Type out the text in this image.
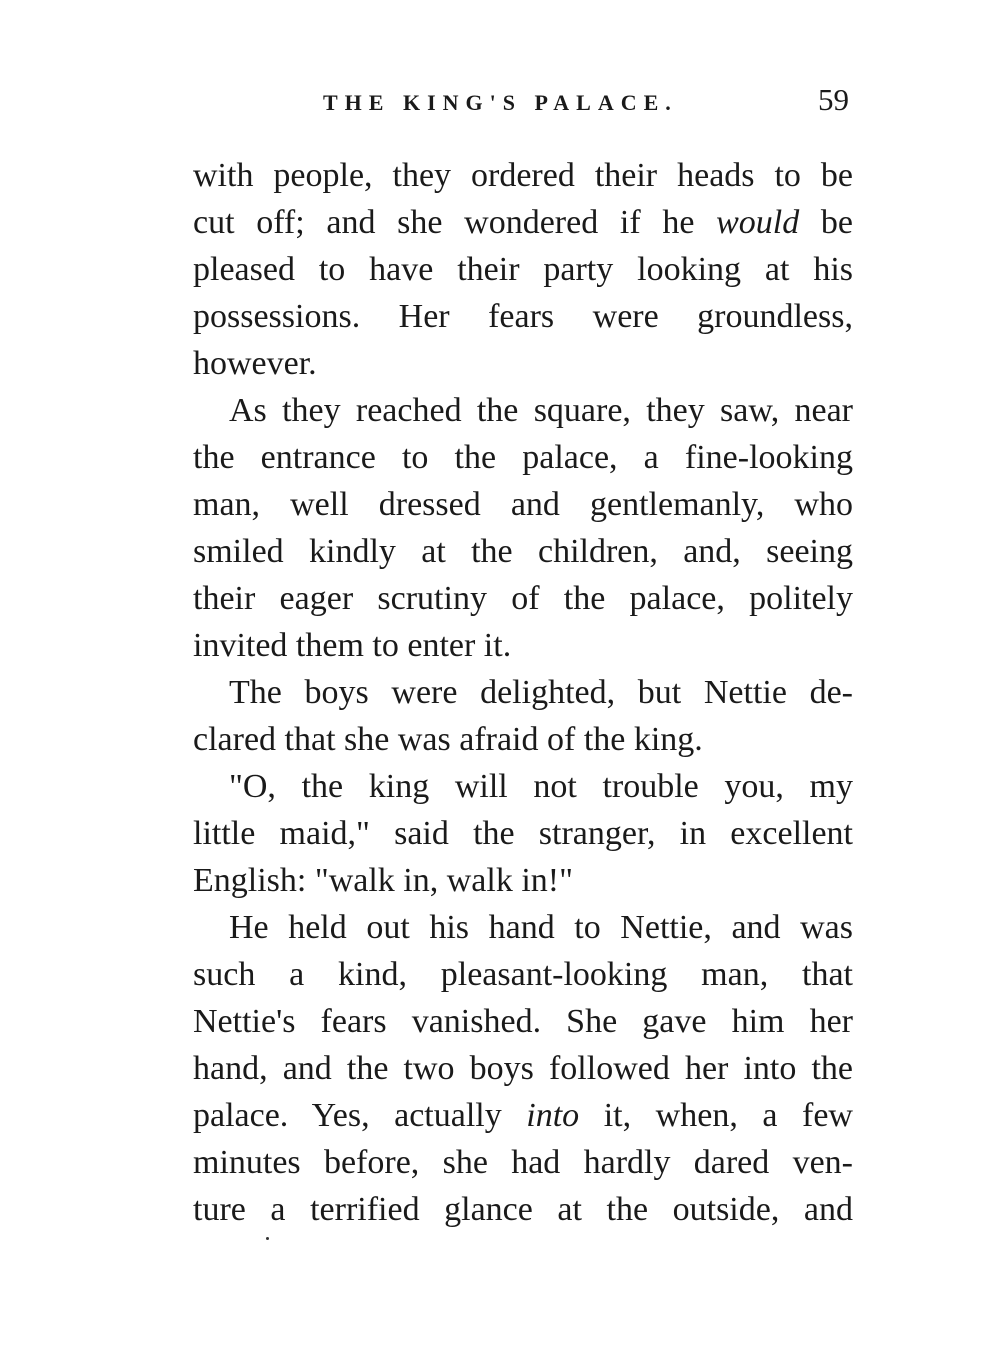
THE KING'S PALACE.	59
with people, they ordered their heads to be
cut off; and she wondered if he would be
pleased to have their party looking at his
possessions. Her fears were groundless,
however.
As they reached the square, they saw, near
the entrance to the palace, a fine-looking
man, well dressed and gentlemanly, who
smiled kindly at the children, and, seeing
their eager scrutiny of the palace, politely
invited them to enter it.
The boys were delighted, but Nettie de-
clared that she was afraid of the king.
"O, the king will not trouble you, my
little maid," said the stranger, in excellent
English: "walk in, walk in!"
He held out his hand to Nettie, and was
such a kind, pleasant-looking man, that
Nettie's fears vanished. She gave him her
hand, and the two boys followed her into the
palace. Yes, actually into it, when, a few
minutes before, she had hardly dared ven-
ture a terrified glance at the outside, and
